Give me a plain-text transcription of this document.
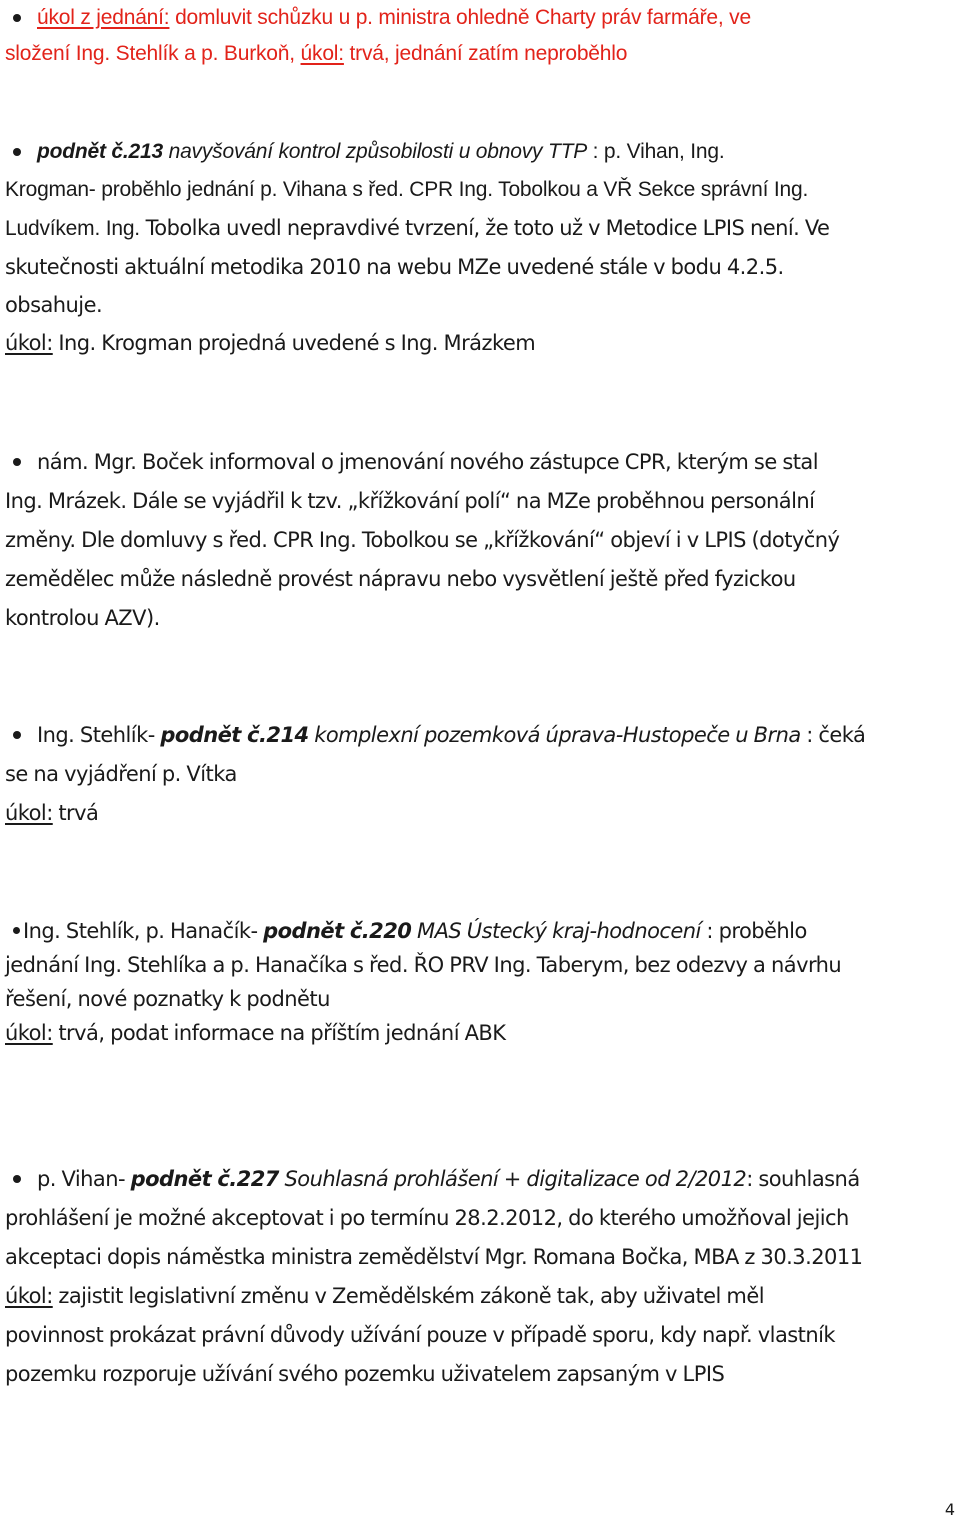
úkol z jednání: domluvit schůzku u p. ministra ohledně Charty práv farmáře, ve
složení Ing. Stehlík a p. Burkoň, úkol: trvá, jednání zatím neproběhlo
podnět č.213 navyšování kontrol způsobilosti u obnovy TTP : p. Vihan, Ing.
Krogman- proběhlo jednání p. Vihana s řed. CPR Ing. Tobolkou a VŘ Sekce správní Ing.
Ludvíkem. Ing. Tobolka uvedl nepravdivé tvrzení, že toto už v Metodice LPIS není. Ve
skutečnosti aktuální metodika 2010 na webu MZe uvedené stále v bodu 4.2.5.
obsahuje.
úkol: Ing. Krogman projedná uvedené s Ing. Mrázkem
nám. Mgr. Boček informoval o jmenování nového zástupce CPR, kterým se stal
Ing. Mrázek. Dále se vyjádřil k tzv. „křížkování polí“ na MZe proběhnou personální
změny. Dle domluvy s řed. CPR Ing. Tobolkou se „křížkování“ objeví i v LPIS (dotyčný
zemědělec může následně provést nápravu nebo vysvětlení ještě před fyzickou
kontrolou AZV).
Ing. Stehlík- podnět č.214 komplexní pozemková úprava-Hustopeče u Brna : čeká
se na vyjádření p. Vítka
úkol: trvá
Ing. Stehlík, p. Hanačík- podnět č.220 MAS Ústecký kraj-hodnocení : proběhlo
jednání Ing. Stehlíka a p. Hanačíka s řed. ŘO PRV Ing. Taberym, bez odezvy a návrhu
řešení, nové poznatky k podnětu
úkol: trvá, podat informace na příštím jednání ABK
p. Vihan- podnět č.227 Souhlasná prohlášení + digitalizace od 2/2012: souhlasná
prohlášení je možné akceptovat i po termínu 28.2.2012, do kterého umožňoval jejich
akceptaci dopis náměstka ministra zemědělství Mgr. Romana Bočka, MBA z 30.3.2011
úkol: zajistit legislativní změnu v Zemědělském zákoně tak, aby uživatel měl
povinnost prokázat právní důvody užívání pouze v případě sporu, kdy např. vlastník
pozemku rozporuje užívání svého pozemku uživatelem zapsaným v LPIS
4
